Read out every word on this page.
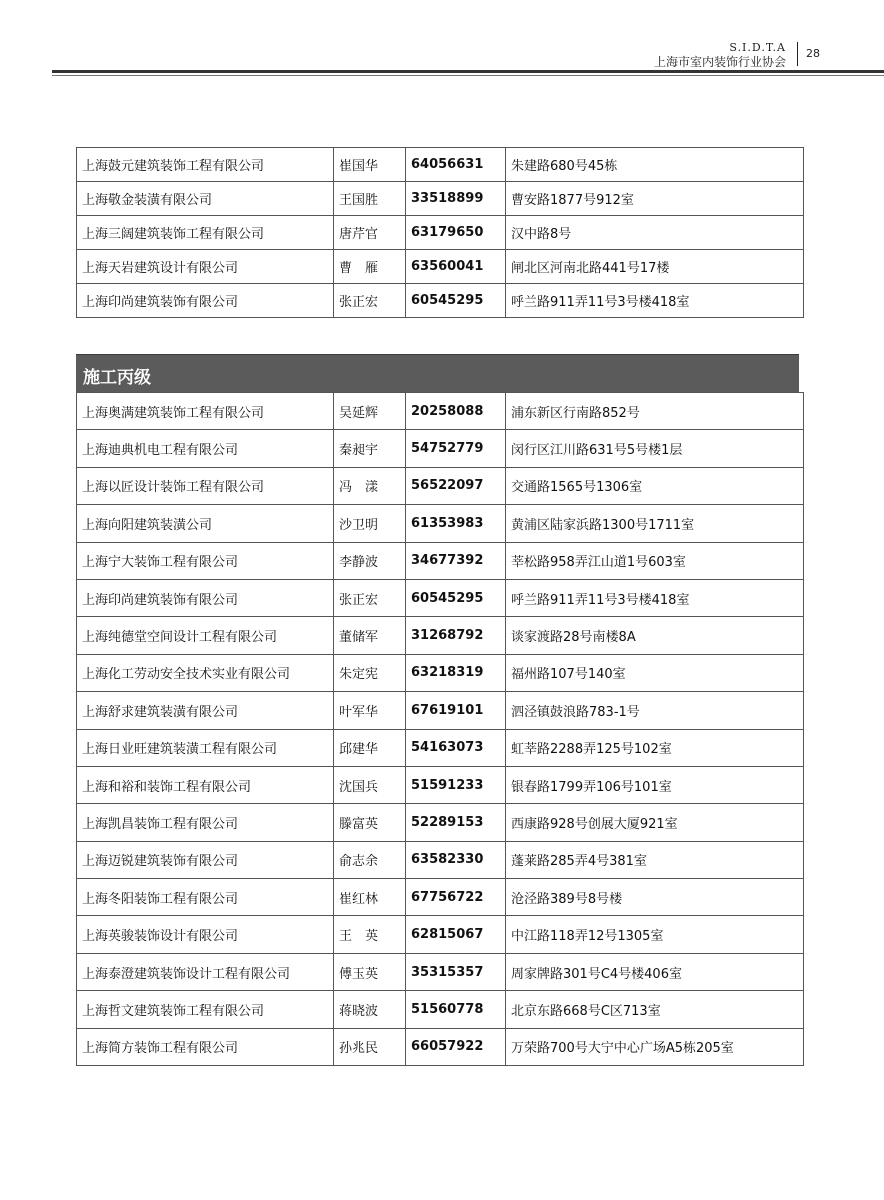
S.I.D.T.A
上海市室内装饰行业协会
28
上海鼓元建筑装饰工程有限公司	崔国华	64056631	朱建路680号45栋
上海敬金装潢有限公司	王国胜	33518899	曹安路1877号912室
上海三阔建筑装饰工程有限公司	唐芹官	63179650	汉中路8号
上海天岩建筑设计有限公司	曹　雁	63560041	闸北区河南北路441号17楼
上海印尚建筑装饰有限公司	张正宏	60545295	呼兰路911弄11号3号楼418室
施工丙级
上海奥满建筑装饰工程有限公司	吴延辉	20258088	浦东新区行南路852号
上海迪典机电工程有限公司	秦昶宇	54752779	闵行区江川路631号5号楼1层
上海以匠设计装饰工程有限公司	冯　漾	56522097	交通路1565号1306室
上海向阳建筑装潢公司	沙卫明	61353983	黄浦区陆家浜路1300号1711室
上海宁大装饰工程有限公司	李静波	34677392	莘松路958弄江山道1号603室
上海印尚建筑装饰有限公司	张正宏	60545295	呼兰路911弄11号3号楼418室
上海纯德堂空间设计工程有限公司	董储军	31268792	谈家渡路28号南楼8A
上海化工劳动安全技术实业有限公司	朱定宪	63218319	福州路107号140室
上海舒求建筑装潢有限公司	叶军华	67619101	泗泾镇鼓浪路783-1号
上海日业旺建筑装潢工程有限公司	邱建华	54163073	虹莘路2288弄125号102室
上海和裕和装饰工程有限公司	沈国兵	51591233	银春路1799弄106号101室
上海凯昌装饰工程有限公司	滕富英	52289153	西康路928号创展大厦921室
上海迈锐建筑装饰有限公司	俞志余	63582330	蓬莱路285弄4号381室
上海冬阳装饰工程有限公司	崔红林	67756722	沧泾路389号8号楼
上海英骏装饰设计有限公司	王　英	62815067	中江路118弄12号1305室
上海泰澄建筑装饰设计工程有限公司	傅玉英	35315357	周家牌路301号C4号楼406室
上海哲文建筑装饰工程有限公司	蒋晓波	51560778	北京东路668号C区713室
上海简方装饰工程有限公司	孙兆民	66057922	万荣路700号大宁中心广场A5栋205室
